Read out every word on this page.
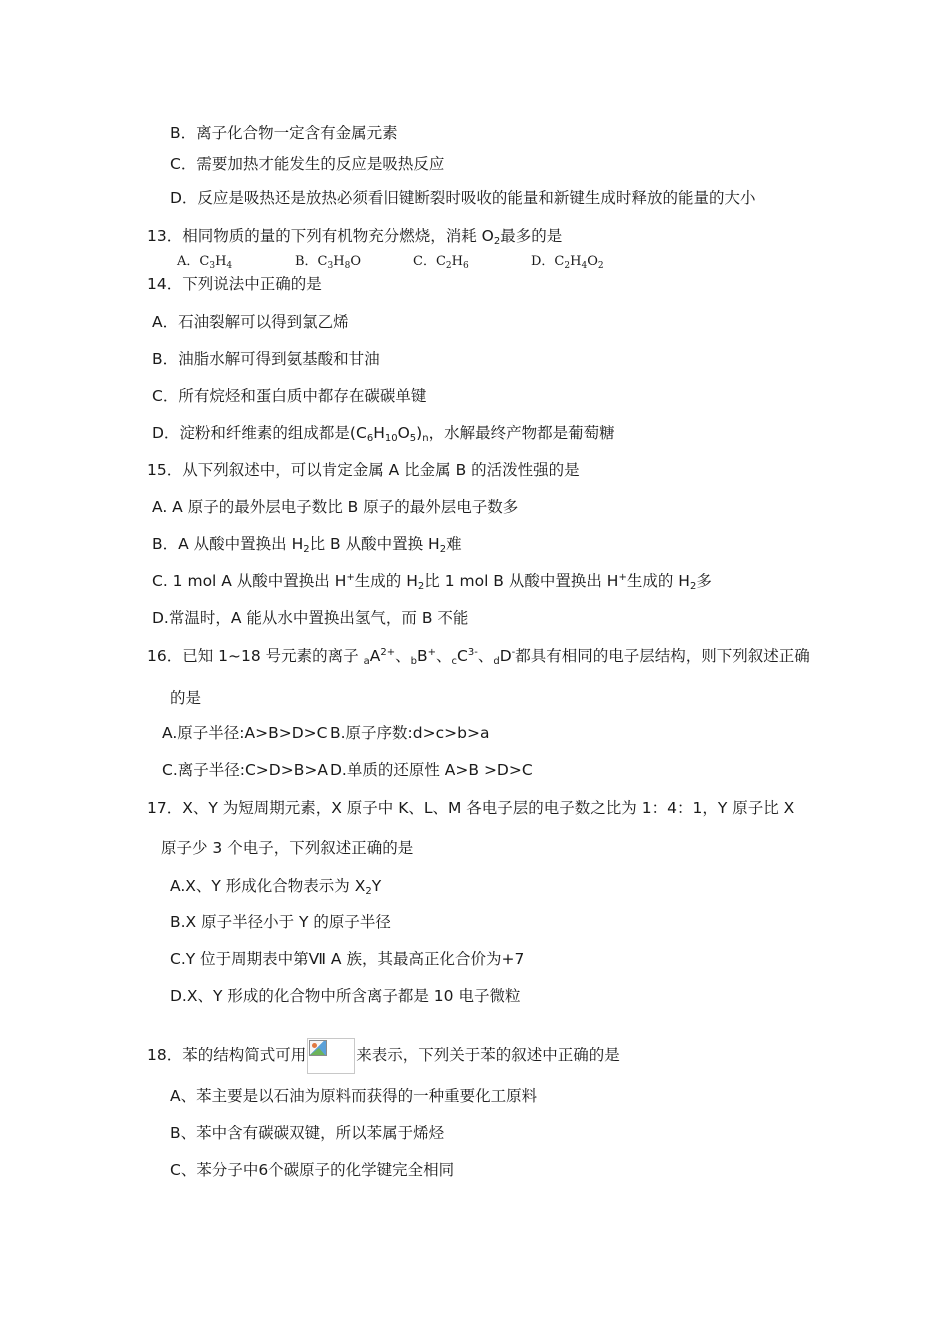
B．离子化合物一定含有金属元素
C．需要加热才能发生的反应是吸热反应
D．反应是吸热还是放热必须看旧键断裂时吸收的能量和新键生成时释放的能量的大小
13．相同物质的量的下列有机物充分燃烧，消耗 $O_2$最多的是
A．$C_3H_4$	B．$C_3H_8O$	C．$C_2H_6$	D．$C_2H_4O_2$
14．下列说法中正确的是
A．石油裂解可以得到氯乙烯
B．油脂水解可得到氨基酸和甘油
C．所有烷烃和蛋白质中都存在碳碳单键
D．淀粉和纤维素的组成都是$(C_6H_{10}O_5)_n$，水解最终产物都是葡萄糖
15．从下列叙述中，可以肯定金属 A 比金属 B 的活泼性强的是
A. A 原子的最外层电子数比 B 原子的最外层电子数多
B．A 从酸中置换出 $H_2$比 B 从酸中置换 $H_2$难
C. 1 mol A 从酸中置换出 H+生成的 $H_2$比 1 mol B 从酸中置换出 H+生成的 $H_2$多
D.常温时，A 能从水中置换出氢气，而 B 不能
16．已知 1~18 号元素的离子 $_aA^{2+}$、$_b$B+、$_cC^{3-}$、$_d$D-都具有相同的电子层结构，则下列叙述正确
的是
A.原子半径:A>B>D>C B.原子序数:d>c>b>a
C.离子半径:C>D>B>A D.单质的还原性 A>B >D>C
17．X、Y 为短周期元素，X 原子中 K、L、M 各电子层的电子数之比为 1：4：1，Y 原子比 X
原子少 3 个电子，下列叙述正确的是
A.X、Y 形成化合物表示为 $X_2Y$
B.X 原子半径小于 Y 的原子半径
C.Y 位于周期表中第Ⅶ A 族，其最高正化合价为+7
D.X、Y 形成的化合物中所含离子都是 10 电子微粒
18．苯的结构简式可用	来表示，下列关于苯的叙述中正确的是
A、苯主要是以石油为原料而获得的一种重要化工原料
B、苯中含有碳碳双键，所以苯属于烯烃
C、苯分子中6个碳原子的化学键完全相同
